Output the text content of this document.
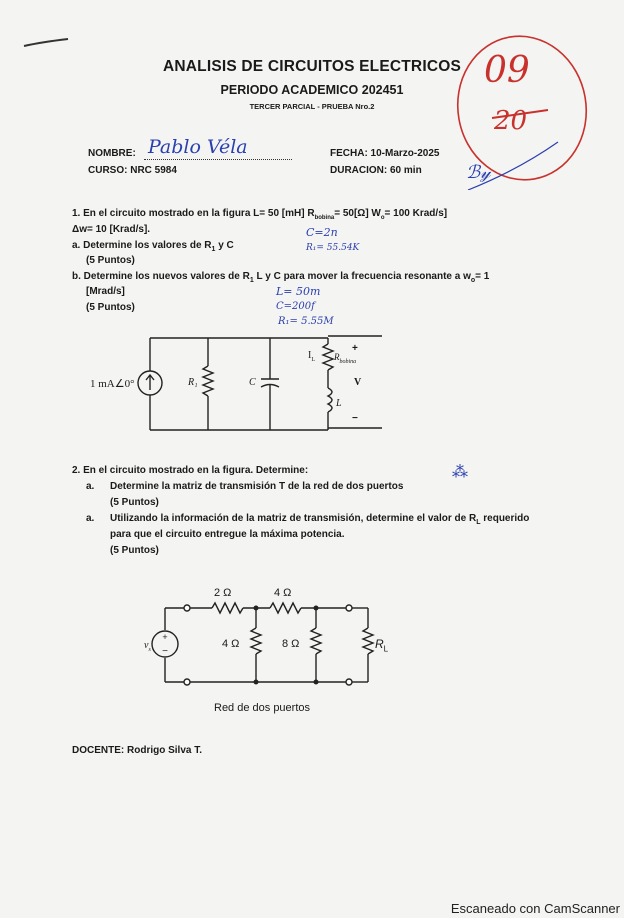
ANALISIS DE CIRCUITOS ELECTRICOS
PERIODO ACADEMICO 202451
TERCER PARCIAL - PRUEBA Nro.2
09
20
ℬ𝓎
NOMBRE: Pablo Véla
CURSO: NRC 5984
FECHA: 10-Marzo-2025
DURACION: 60 min
1. En el circuito mostrado en la figura L= 50 [mH] $R_{bobina}= 50[\Omega]$ $W_o= 100$ Krad/s]
Δw= 10 [Krad/s].
a. Determine los valores de $R_1$ y C
(5 Puntos)
b. Determine los nuevos valores de $R_1$ L y C para mover la frecuencia resonante a $w_o= 1$
[Mrad/s]
(5 Puntos)
C=2n
R₁= 55.54K
L= 50m
C=200f
R₁= 5.55M
1 mA∠0°	R₁	C
$I_L$ $R_{bobina}$
L
+
V
−
2. En el circuito mostrado en la figura. Determine:	⁂
a. Determine la matriz de transmisión T de la red de dos puertos
(5 Puntos)
a. Utilizando la información de la matriz de transmisión, determine el valor de $R_L$ requerido
para que el circuito entregue la máxima potencia.
(5 Puntos)
+
−
2 Ω	4 Ω
4 Ω	8 Ω	$R_L$
$v_s$
Red de dos puertos
DOCENTE: Rodrigo Silva T.
Escaneado con CamScanner
